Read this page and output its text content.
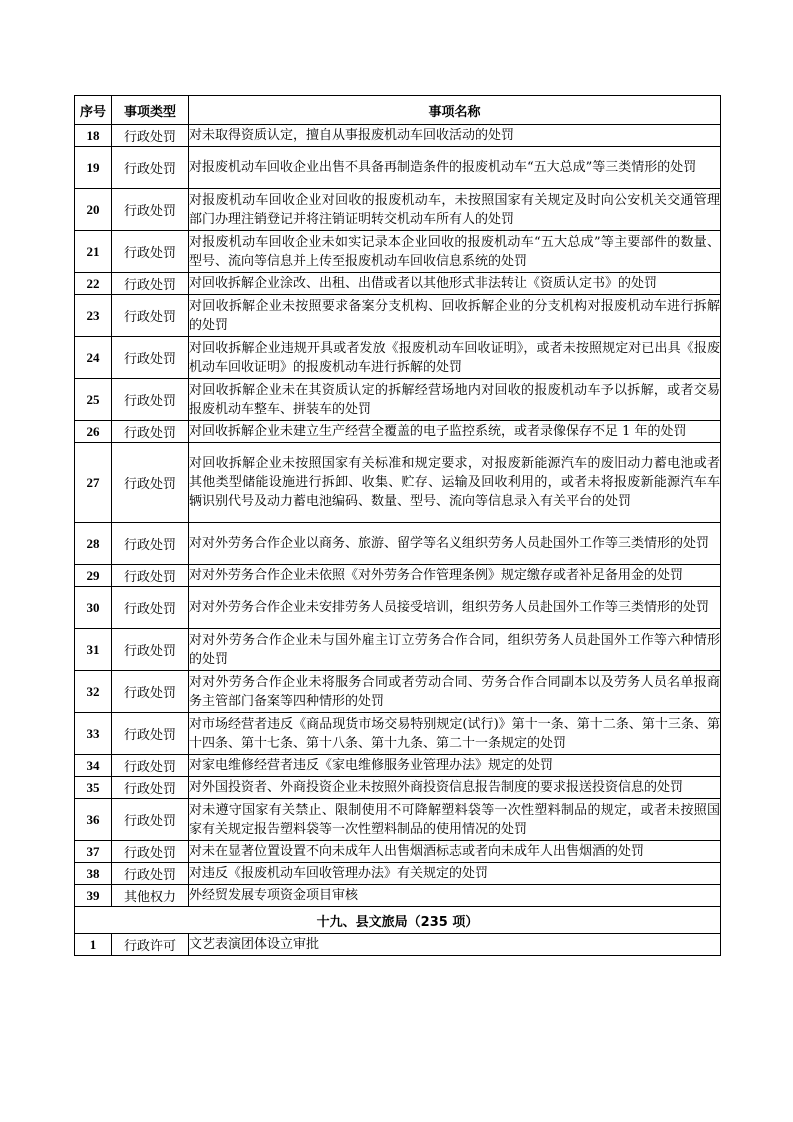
序号	事项类型	事项名称
18	行政处罚	对未取得资质认定，擅自从事报废机动车回收活动的处罚
19	行政处罚	对报废机动车回收企业出售不具备再制造条件的报废机动车“五大总成”等三类情形的处罚
20	行政处罚	对报废机动车回收企业对回收的报废机动车，未按照国家有关规定及时向公安机关交通管理部门办理注销登记并将注销证明转交机动车所有人的处罚
21	行政处罚	对报废机动车回收企业未如实记录本企业回收的报废机动车“五大总成”等主要部件的数量、型号、流向等信息并上传至报废机动车回收信息系统的处罚
22	行政处罚	对回收拆解企业涂改、出租、出借或者以其他形式非法转让《资质认定书》的处罚
23	行政处罚	对回收拆解企业未按照要求备案分支机构、回收拆解企业的分支机构对报废机动车进行拆解的处罚
24	行政处罚	对回收拆解企业违规开具或者发放《报废机动车回收证明》，或者未按照规定对已出具《报废机动车回收证明》的报废机动车进行拆解的处罚
25	行政处罚	对回收拆解企业未在其资质认定的拆解经营场地内对回收的报废机动车予以拆解，或者交易报废机动车整车、拼装车的处罚
26	行政处罚	对回收拆解企业未建立生产经营全覆盖的电子监控系统，或者录像保存不足 1 年的处罚
27	行政处罚	对回收拆解企业未按照国家有关标准和规定要求，对报废新能源汽车的废旧动力蓄电池或者其他类型储能设施进行拆卸、收集、贮存、运输及回收利用的，或者未将报废新能源汽车车辆识别代号及动力蓄电池编码、数量、型号、流向等信息录入有关平台的处罚
28	行政处罚	对对外劳务合作企业以商务、旅游、留学等名义组织劳务人员赴国外工作等三类情形的处罚
29	行政处罚	对对外劳务合作企业未依照《对外劳务合作管理条例》规定缴存或者补足备用金的处罚
30	行政处罚	对对外劳务合作企业未安排劳务人员接受培训，组织劳务人员赴国外工作等三类情形的处罚
31	行政处罚	对对外劳务合作企业未与国外雇主订立劳务合作合同，组织劳务人员赴国外工作等六种情形的处罚
32	行政处罚	对对外劳务合作企业未将服务合同或者劳动合同、劳务合作合同副本以及劳务人员名单报商务主管部门备案等四种情形的处罚
33	行政处罚	对市场经营者违反《商品现货市场交易特别规定(试行)》第十一条、第十二条、第十三条、第十四条、第十七条、第十八条、第十九条、第二十一条规定的处罚
34	行政处罚	对家电维修经营者违反《家电维修服务业管理办法》规定的处罚
35	行政处罚	对外国投资者、外商投资企业未按照外商投资信息报告制度的要求报送投资信息的处罚
36	行政处罚	对未遵守国家有关禁止、限制使用不可降解塑料袋等一次性塑料制品的规定，或者未按照国家有关规定报告塑料袋等一次性塑料制品的使用情况的处罚
37	行政处罚	对未在显著位置设置不向未成年人出售烟酒标志或者向未成年人出售烟酒的处罚
38	行政处罚	对违反《报废机动车回收管理办法》有关规定的处罚
39	其他权力	外经贸发展专项资金项目审核
十九、县文旅局（235 项）		
1	行政许可	文艺表演团体设立审批
